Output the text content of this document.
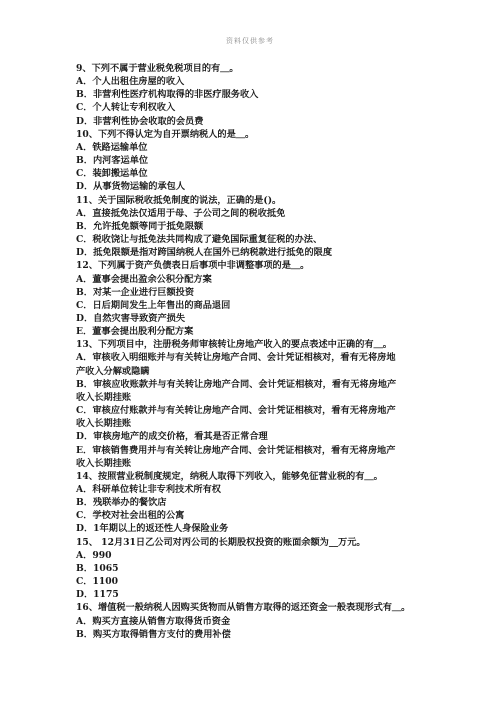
资料仅供参考
9、下列不属于营业税免税项目的有＿。
A．个人出租住房屋的收入
B．非营利性医疗机构取得的非医疗服务收入
C．个人转让专利权收入
D．非营利性协会收取的会员费
10、下列不得认定为自开票纳税人的是＿。
A．铁路运输单位
B．内河客运单位
C．装卸搬运单位
D．从事货物运输的承包人
11、关于国际税收抵免制度的说法，正确的是()。
A．直接抵免法仅适用于母、子公司之间的税收抵免
B．允许抵免额等同于抵免限额
C．税收饶让与抵免法共同构成了避免国际重复征税的办法、
D．抵免限额是指对跨国纳税人在国外已纳税款进行抵免的限度
12、下列属于资产负债表日后事项中非调整事项的是＿。
A．董事会提出盈余公积分配方案
B．对某一企业进行巨额投资
C．日后期间发生上年售出的商品退回
D．自然灾害导致资产损失
E．董事会提出股利分配方案
13、下列项目中，注册税务师审核转让房地产收入的要点表述中正确的有＿。
A．审核收入明细账并与有关转让房地产合同、会计凭证相核对，看有无将房地
产收入分解或隐瞒
B．审核应收账款并与有关转让房地产合同、会计凭证相核对，看有无将房地产
收入长期挂账
C．审核应付账款并与有关转让房地产合同、会计凭证相核对，看有无将房地产
收入长期挂账
D．审核房地产的成交价格，看其是否正常合理
E．审核销售费用并与有关转让房地产合同、会计凭证相核对，看有无将房地产
收入长期挂账
14、按照营业税制度规定，纳税人取得下列收入，能够免征营业税的有＿。
A．科研单位转让非专利技术所有权
B．残联举办的餐饮店
C．学校对社会出租的公寓
D．1年期以上的返还性人身保险业务
15、 12月31日乙公司对丙公司的长期股权投资的账面余额为__万元。
A．990
B．1065
C．1100
D．1175
16、增值税一般纳税人因购买货物而从销售方取得的返还资金一般表现形式有＿。
A．购买方直接从销售方取得货币资金
B．购买方取得销售方支付的费用补偿
